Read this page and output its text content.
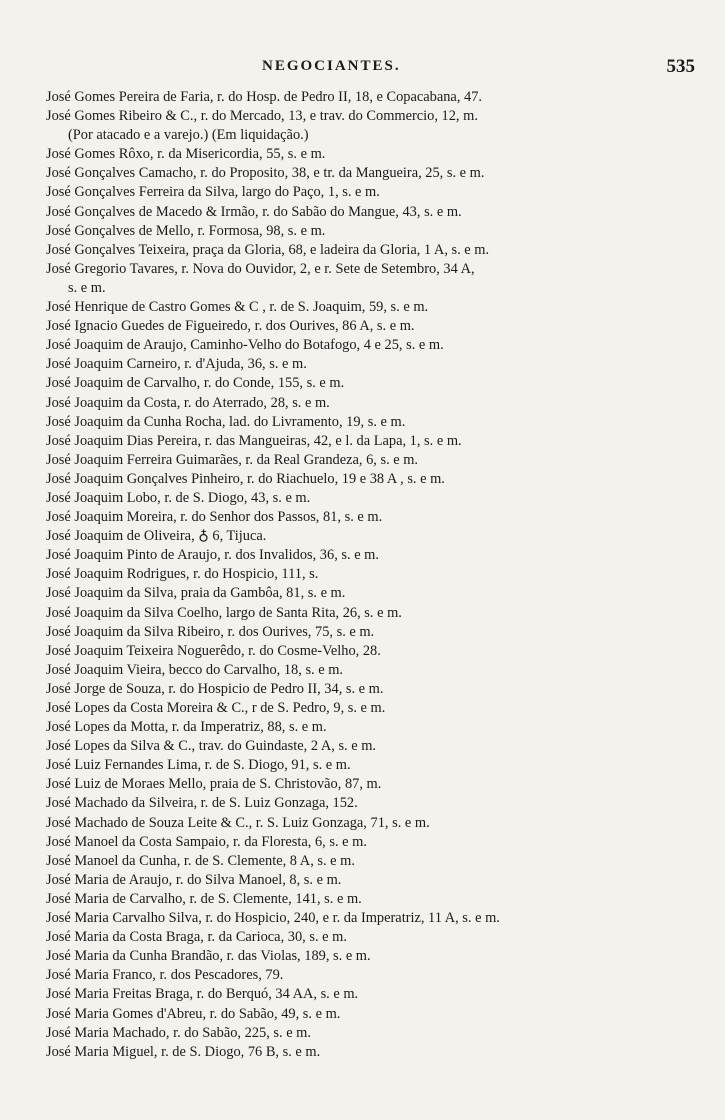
NEGOCIANTES.	535
José Gomes Pereira de Faria, r. do Hosp. de Pedro II, 18, e Copacabana, 47.
José Gomes Ribeiro & C., r. do Mercado, 13, e trav. do Commercio, 12, m.
(Por atacado e a varejo.) (Em liquidação.)
José Gomes Rôxo, r. da Misericordia, 55, s. e m.
José Gonçalves Camacho, r. do Proposito, 38, e tr. da Mangueira, 25, s. e m.
José Gonçalves Ferreira da Silva, largo do Paço, 1, s. e m.
José Gonçalves de Macedo & Irmão, r. do Sabão do Mangue, 43, s. e m.
José Gonçalves de Mello, r. Formosa, 98, s. e m.
José Gonçalves Teixeira, praça da Gloria, 68, e ladeira da Gloria, 1 A, s. e m.
José Gregorio Tavares, r. Nova do Ouvidor, 2, e r. Sete de Setembro, 34 A,
s. e m.
José Henrique de Castro Gomes & C , r. de S. Joaquim, 59, s. e m.
José Ignacio Guedes de Figueiredo, r. dos Ourives, 86 A, s. e m.
José Joaquim de Araujo, Caminho-Velho do Botafogo, 4 e 25, s. e m.
José Joaquim Carneiro, r. d'Ajuda, 36, s. e m.
José Joaquim de Carvalho, r. do Conde, 155, s. e m.
José Joaquim da Costa, r. do Aterrado, 28, s. e m.
José Joaquim da Cunha Rocha, lad. do Livramento, 19, s. e m.
José Joaquim Dias Pereira, r. das Mangueiras, 42, e l. da Lapa, 1, s. e m.
José Joaquim Ferreira Guimarães, r. da Real Grandeza, 6, s. e m.
José Joaquim Gonçalves Pinheiro, r. do Riachuelo, 19 e 38 A , s. e m.
José Joaquim Lobo, r. de S. Diogo, 43, s. e m.
José Joaquim Moreira, r. do Senhor dos Passos, 81, s. e m.
José Joaquim de Oliveira, ♁ 6, Tijuca.
José Joaquim Pinto de Araujo, r. dos Invalidos, 36, s. e m.
José Joaquim Rodrigues, r. do Hospicio, 111, s.
José Joaquim da Silva, praia da Gambôa, 81, s. e m.
José Joaquim da Silva Coelho, largo de Santa Rita, 26, s. e m.
José Joaquim da Silva Ribeiro, r. dos Ourives, 75, s. e m.
José Joaquim Teixeira Noguerêdo, r. do Cosme-Velho, 28.
José Joaquim Vieira, becco do Carvalho, 18, s. e m.
José Jorge de Souza, r. do Hospicio de Pedro II, 34, s. e m.
José Lopes da Costa Moreira & C., r de S. Pedro, 9, s. e m.
José Lopes da Motta, r. da Imperatriz, 88, s. e m.
José Lopes da Silva & C., trav. do Guindaste, 2 A, s. e m.
José Luiz Fernandes Lima, r. de S. Diogo, 91, s. e m.
José Luiz de Moraes Mello, praia de S. Christovão, 87, m.
José Machado da Silveira, r. de S. Luiz Gonzaga, 152.
José Machado de Souza Leite & C., r. S. Luiz Gonzaga, 71, s. e m.
José Manoel da Costa Sampaio, r. da Floresta, 6, s. e m.
José Manoel da Cunha, r. de S. Clemente, 8 A, s. e m.
José Maria de Araujo, r. do Silva Manoel, 8, s. e m.
José Maria de Carvalho, r. de S. Clemente, 141, s. e m.
José Maria Carvalho Silva, r. do Hospicio, 240, e r. da Imperatriz, 11 A, s. e m.
José Maria da Costa Braga, r. da Carioca, 30, s. e m.
José Maria da Cunha Brandão, r. das Violas, 189, s. e m.
José Maria Franco, r. dos Pescadores, 79.
José Maria Freitas Braga, r. do Berquó, 34 AA, s. e m.
José Maria Gomes d'Abreu, r. do Sabão, 49, s. e m.
José Maria Machado, r. do Sabão, 225, s. e m.
José Maria Miguel, r. de S. Diogo, 76 B, s. e m.
